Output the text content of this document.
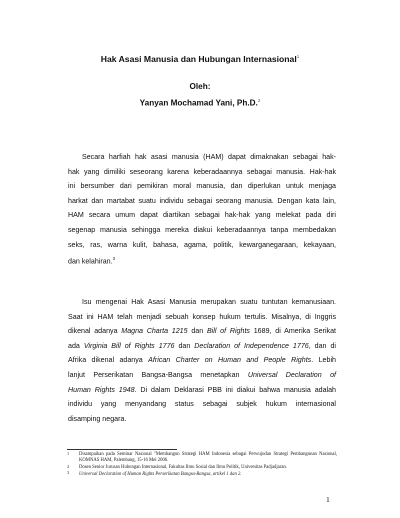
Hak Asasi Manusia dan Hubungan Internasional$^1$
Oleh:
Yanyan Mochamad Yani, Ph.D.$^2$
Secara harfiah hak asasi manusia (HAM) dapat dimaknakan sebagai hak-
hak yang dimiliki seseorang karena keberadaannya sebagai manusia. Hak-hak
ini bersumber dari pemikiran moral manusia, dan diperlukan untuk menjaga
harkat dan martabat suatu individu sebagai seorang manusia. Dengan kata lain,
HAM secara umum dapat diartikan sebagai hak-hak yang melekat pada diri
segenap manusia sehingga mereka diakui keberadaannya tanpa membedakan
seks, ras, warna kulit, bahasa, agama, politik, kewarganegaraan, kekayaan,
dan kelahiran.$^3$
Isu mengenai Hak Asasi Manusia merupakan suatu tuntutan kemanusiaan.
Saat ini HAM telah menjadi sebuah konsep hukum tertulis. Misalnya, di Inggris
dikenal adanya Magna Charta 1215 dan Bill of Rights 1689, di Amerika Serikat
ada Virginia Bill of Rights 1776 dan Declaration of Independence 1776, dan di
Afrika dikenal adanya African Charter on Human and People Rights. Lebih
lanjut Perserikatan Bangsa-Bangsa menetapkan Universal Declaration of
Human Rights 1948. Di dalam Deklarasi PBB ini diakui bahwa manusia adalah
individu yang menyandang status sebagai subjek hukum internasional
disamping negara.
1 Disampaikan pada Seminar Nasional "Membangun Strategi HAM Indonesia sebagai Perwujudan Strategi Pembangunan Nasional, KOMNAS HAM, Palembang, 15-16 Mei 2006.
2 Dosen Senior Jurusan Hubungan Internasional, Fakultas Ilmu Sosial dan Ilmu Politik, Universitas Padjadjaran.
3 Universal Declaration of Human Rights Perserikatan Bangsa-Bangsa, artikel 1 dan 2.
1
